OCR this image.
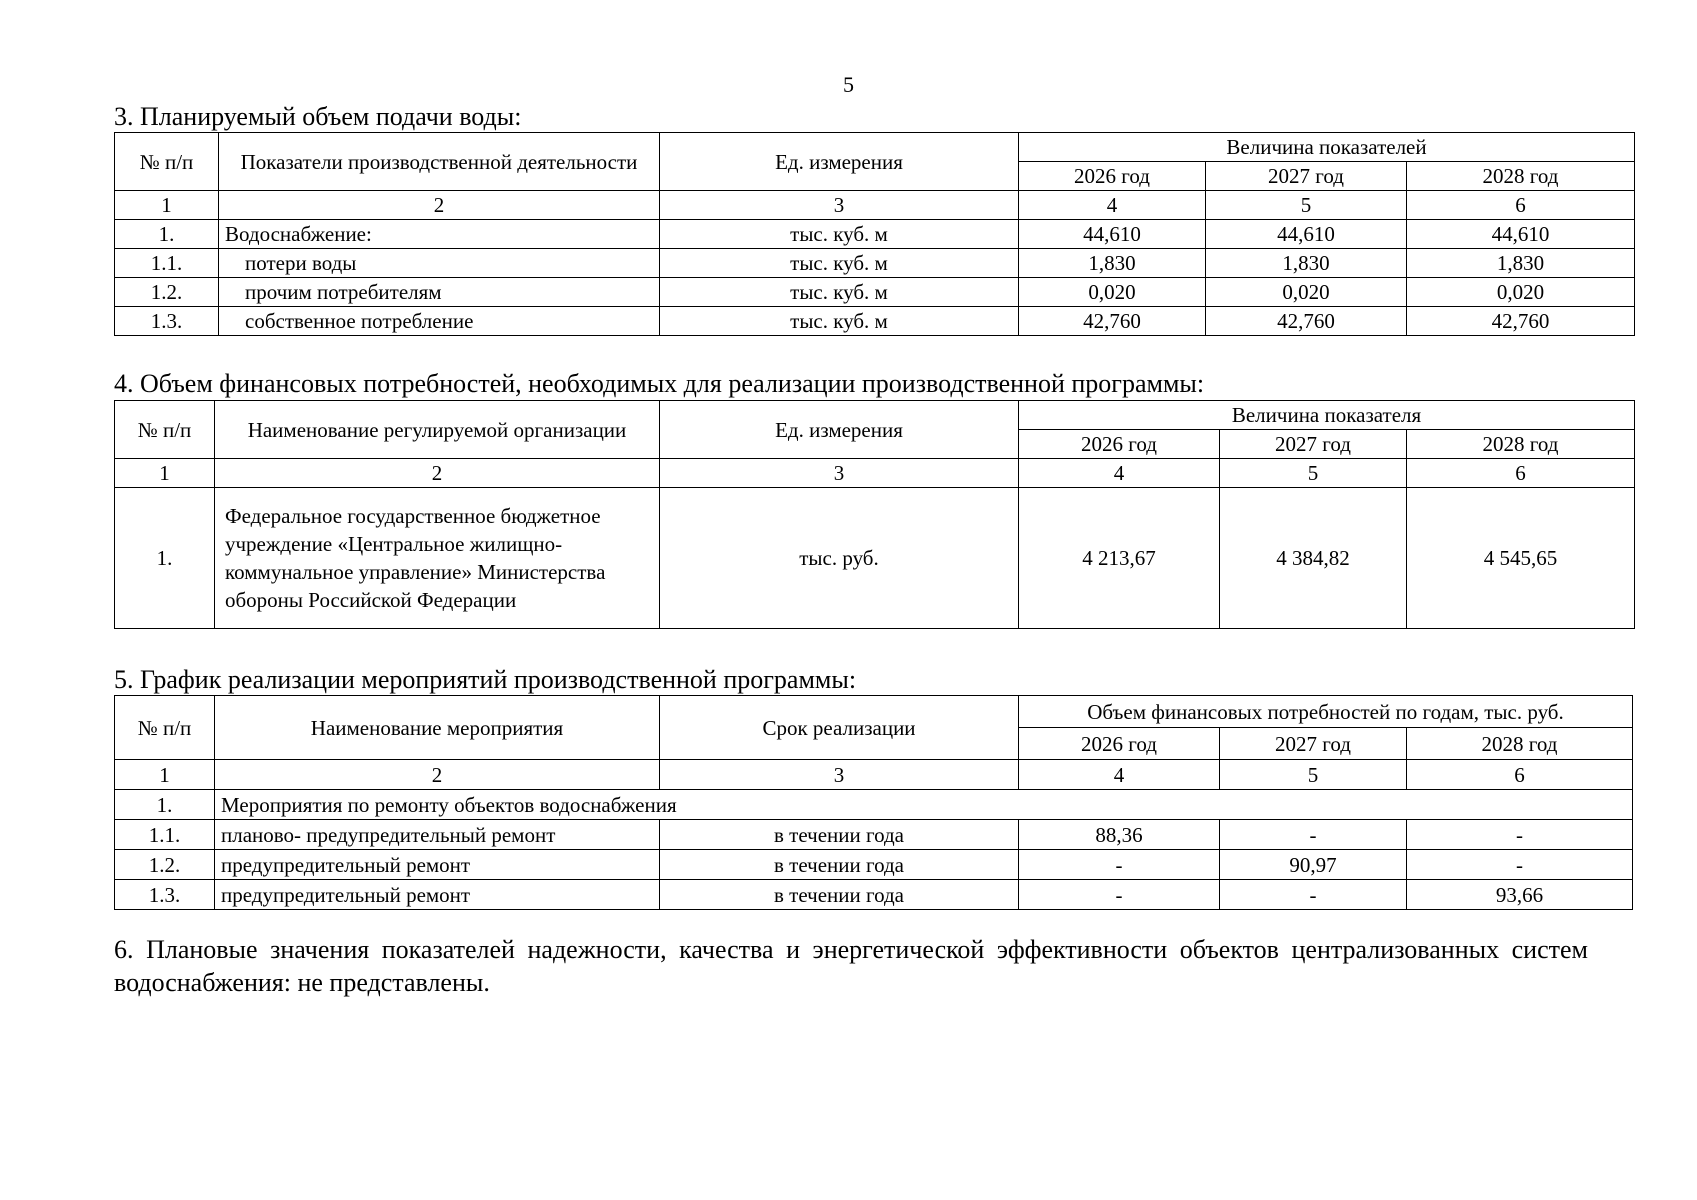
5
3. Планируемый объем подачи воды:
№ п/п	Показатели производственной деятельности	Ед. измерения	Величина показателей		
			2026 год	2027 год	2028 год
1	2	3	4	5	6
1.	Водоснабжение:	тыс. куб. м	44,610	44,610	44,610
1.1.	потери воды	тыс. куб. м	1,830	1,830	1,830
1.2.	прочим потребителям	тыс. куб. м	0,020	0,020	0,020
1.3.	собственное потребление	тыс. куб. м	42,760	42,760	42,760
4. Объем финансовых потребностей, необходимых для реализации производственной программы:
№ п/п	Наименование регулируемой организации	Ед. измерения	Величина показателя		
			2026 год	2027 год	2028 год
1	2	3	4	5	6
1.	Федеральное государственное бюджетное учреждение «Центральное жилищно-коммунальное управление» Министерства обороны Российской Федерации	тыс. руб.	4 213,67	4 384,82	4 545,65
5. График реализации мероприятий производственной программы:
№ п/п	Наименование мероприятия	Срок реализации	Объем финансовых потребностей по годам, тыс. руб.		
			2026 год	2027 год	2028 год
1	2	3	4	5	6
1.	Мероприятия по ремонту объектов водоснабжения				
1.1.	планово- предупредительный ремонт	в течении года	88,36	-	-
1.2.	предупредительный ремонт	в течении года	-	90,97	-
1.3.	предупредительный ремонт	в течении года	-	-	93,66
6. Плановые значения показателей надежности, качества и энергетической эффективности объектов централизованных систем водоснабжения: не представлены.
